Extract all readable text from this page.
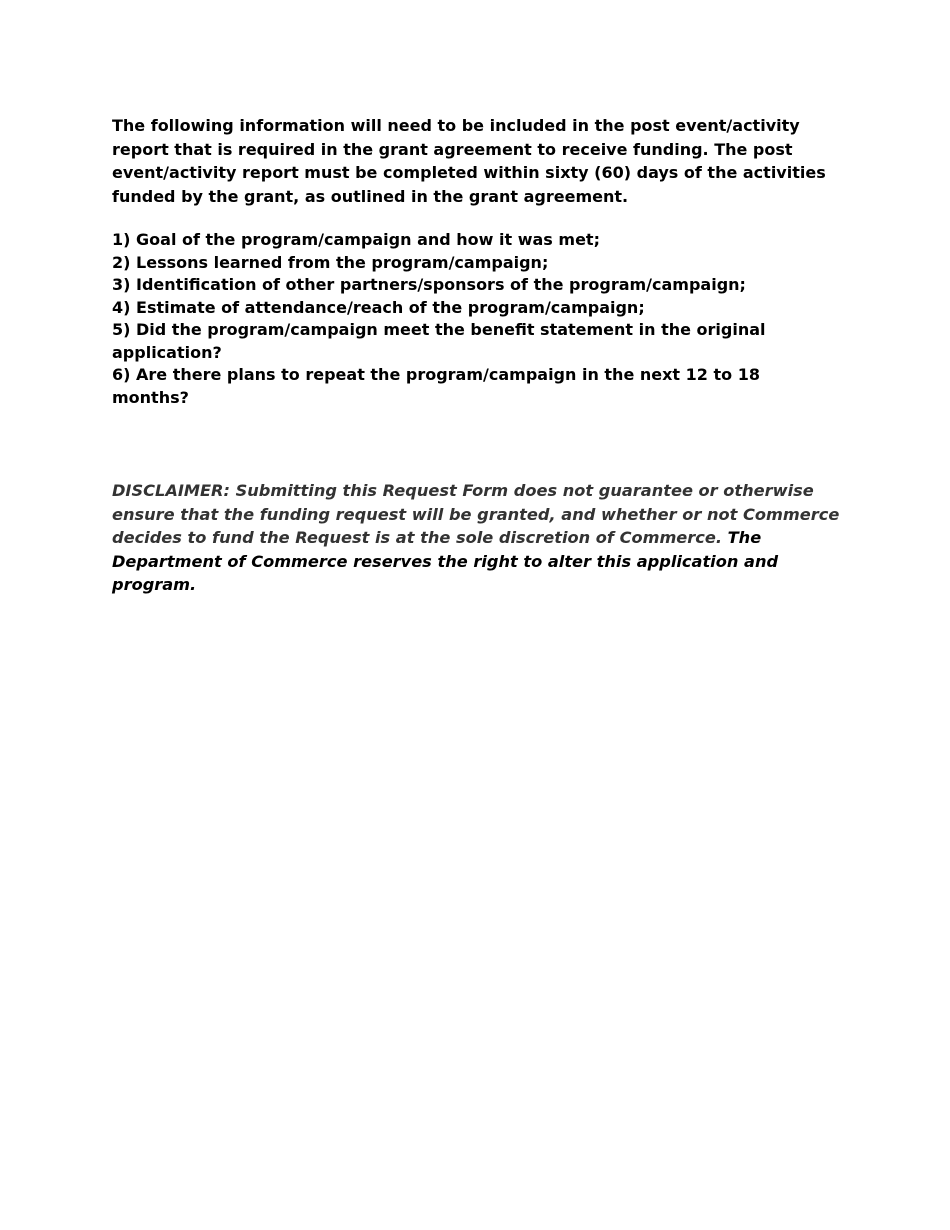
The following information will need to be included in the post event/activity report that is required in the grant agreement to receive funding. The post event/activity report must be completed within sixty (60) days of the activities funded by the grant, as outlined in the grant agreement.

1) Goal of the program/campaign and how it was met;
2) Lessons learned from the program/campaign;
3) Identification of other partners/sponsors of the program/campaign;
4) Estimate of attendance/reach of the program/campaign;
5) Did the program/campaign meet the benefit statement in the original application?
6) Are there plans to repeat the program/campaign in the next 12 to 18 months?

DISCLAIMER: Submitting this Request Form does not guarantee or otherwise ensure that the funding request will be granted, and whether or not Commerce decides to fund the Request is at the sole discretion of Commerce. The Department of Commerce reserves the right to alter this application and program.
